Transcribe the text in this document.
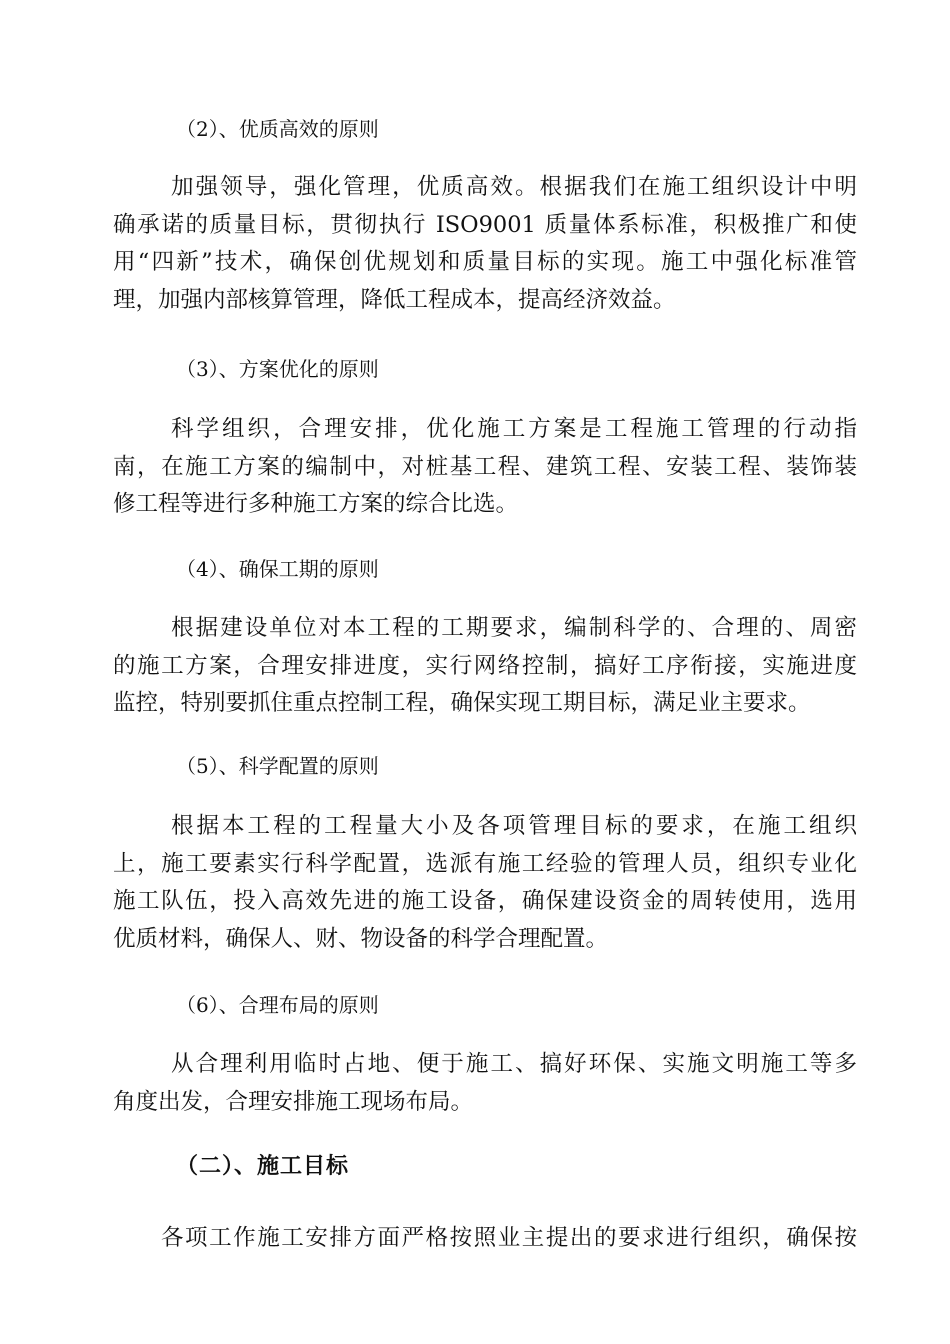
（2）、优质高效的原则
加强领导，强化管理，优质高效。根据我们在施工组织设计中明
确承诺的质量目标，贯彻执行 ISO9001 质量体系标准，积极推广和使
用“四新”技术，确保创优规划和质量目标的实现。施工中强化标准管
理，加强内部核算管理，降低工程成本，提高经济效益。
（3）、方案优化的原则
科学组织，合理安排，优化施工方案是工程施工管理的行动指
南，在施工方案的编制中，对桩基工程、建筑工程、安装工程、装饰装
修工程等进行多种施工方案的综合比选。
（4）、确保工期的原则
根据建设单位对本工程的工期要求，编制科学的、合理的、周密
的施工方案，合理安排进度，实行网络控制，搞好工序衔接，实施进度
监控，特别要抓住重点控制工程，确保实现工期目标，满足业主要求。
（5）、科学配置的原则
根据本工程的工程量大小及各项管理目标的要求，在施工组织
上，施工要素实行科学配置，选派有施工经验的管理人员，组织专业化
施工队伍，投入高效先进的施工设备，确保建设资金的周转使用，选用
优质材料，确保人、财、物设备的科学合理配置。
（6）、合理布局的原则
从合理利用临时占地、便于施工、搞好环保、实施文明施工等多
角度出发，合理安排施工现场布局。
（二）、施工目标
各项工作施工安排方面严格按照业主提出的要求进行组织，确保按
